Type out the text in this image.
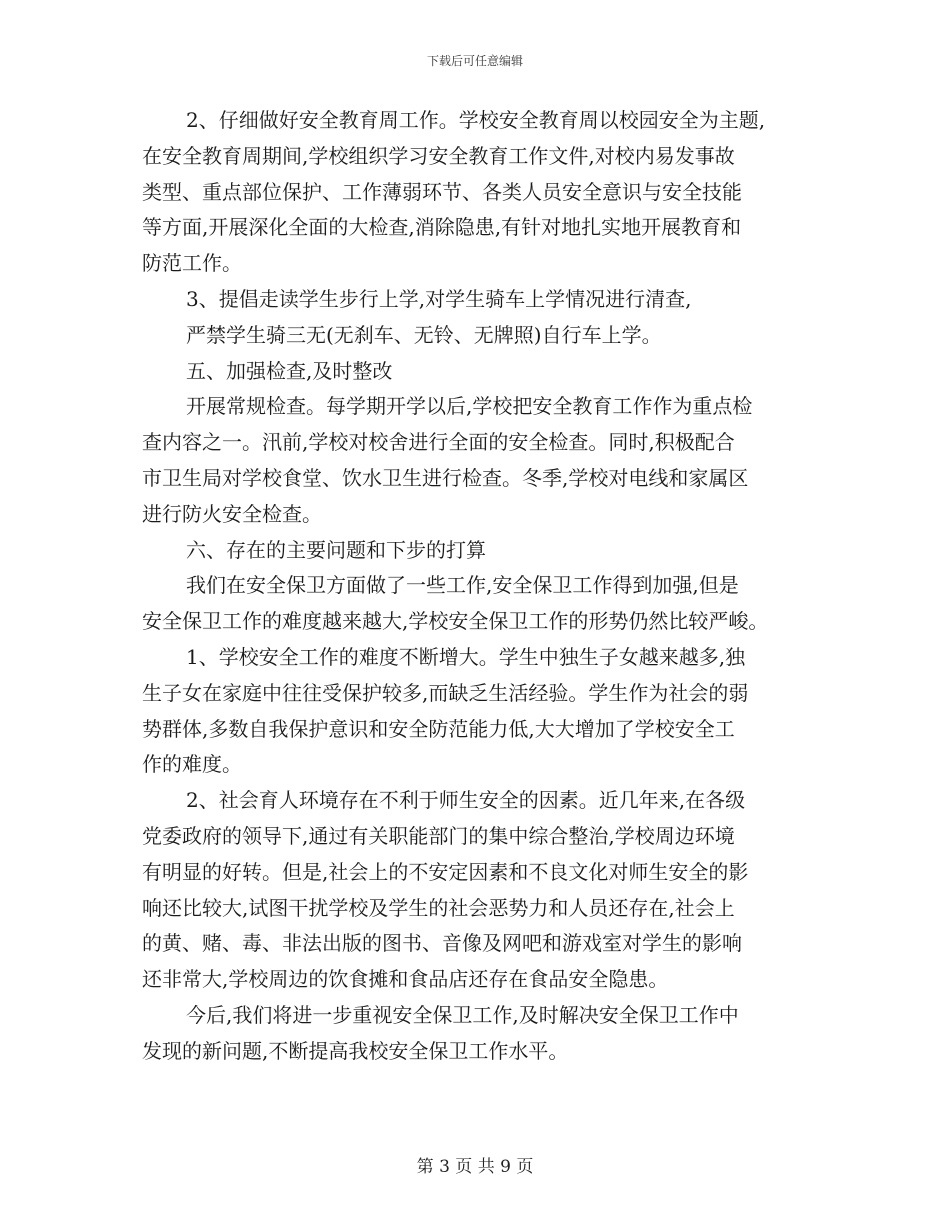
下载后可任意编辑
2、仔细做好安全教育周工作。学校安全教育周以校园安全为主题,
在安全教育周期间,学校组织学习安全教育工作文件,对校内易发事故
类型、重点部位保护、工作薄弱环节、各类人员安全意识与安全技能
等方面,开展深化全面的大检查,消除隐患,有针对地扎实地开展教育和
防范工作。
3、提倡走读学生步行上学,对学生骑车上学情况进行清查,
严禁学生骑三无(无刹车、无铃、无牌照)自行车上学。
五、加强检查,及时整改
开展常规检查。每学期开学以后,学校把安全教育工作作为重点检
查内容之一。汛前,学校对校舍进行全面的安全检查。同时,积极配合
市卫生局对学校食堂、饮水卫生进行检查。冬季,学校对电线和家属区
进行防火安全检查。
六、存在的主要问题和下步的打算
我们在安全保卫方面做了一些工作,安全保卫工作得到加强,但是
安全保卫工作的难度越来越大,学校安全保卫工作的形势仍然比较严峻。
1、学校安全工作的难度不断增大。学生中独生子女越来越多,独
生子女在家庭中往往受保护较多,而缺乏生活经验。学生作为社会的弱
势群体,多数自我保护意识和安全防范能力低,大大增加了学校安全工
作的难度。
2、社会育人环境存在不利于师生安全的因素。近几年来,在各级
党委政府的领导下,通过有关职能部门的集中综合整治,学校周边环境
有明显的好转。但是,社会上的不安定因素和不良文化对师生安全的影
响还比较大,试图干扰学校及学生的社会恶势力和人员还存在,社会上
的黄、赌、毒、非法出版的图书、音像及网吧和游戏室对学生的影响
还非常大,学校周边的饮食摊和食品店还存在食品安全隐患。
今后,我们将进一步重视安全保卫工作,及时解决安全保卫工作中
发现的新问题,不断提高我校安全保卫工作水平。
第 3 页 共 9 页
